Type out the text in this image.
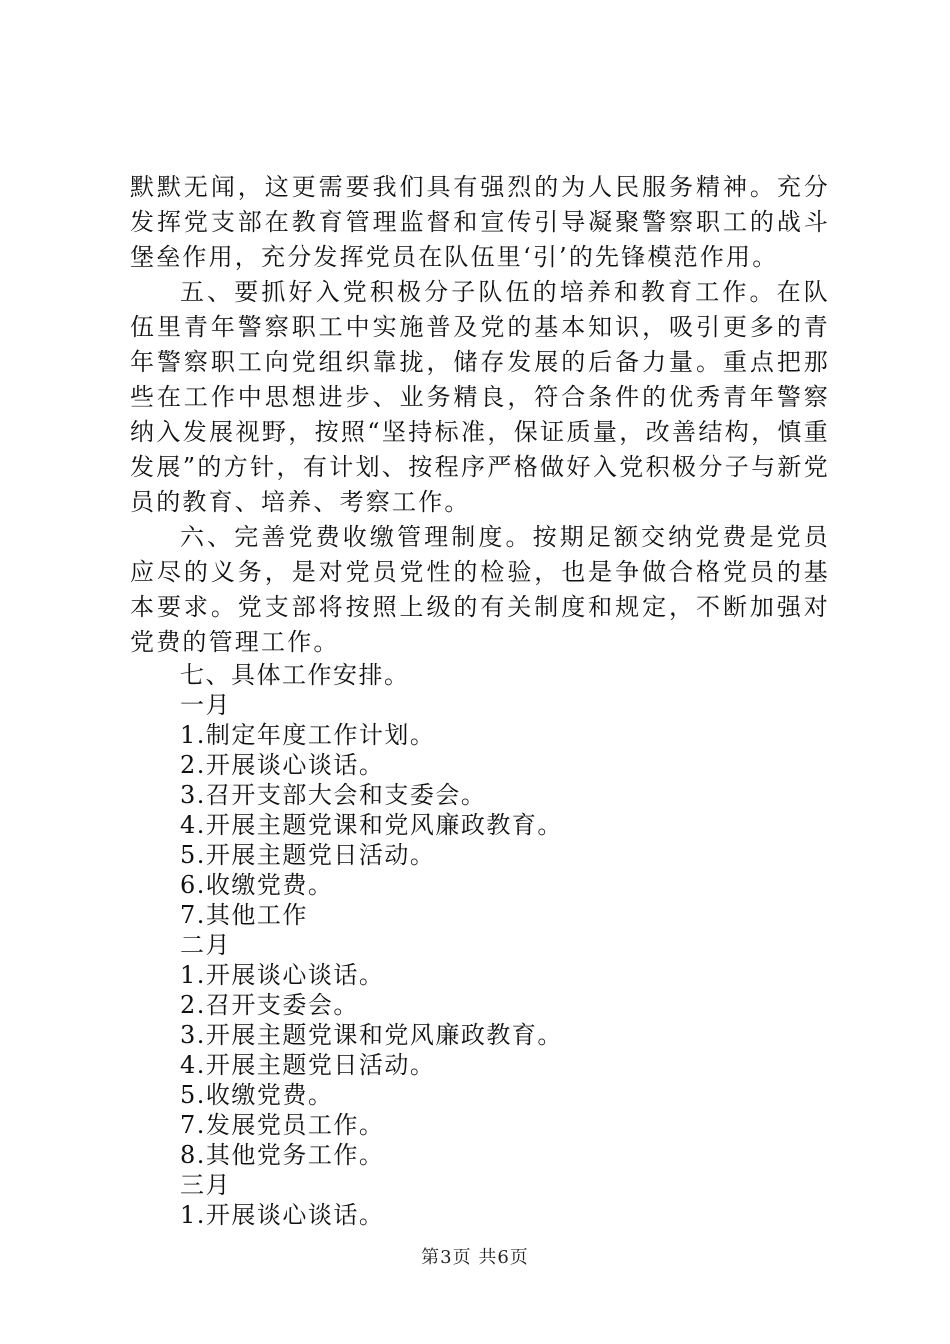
默默无闻，这更需要我们具有强烈的为人民服务精神。充分发挥党支部在教育管理监督和宣传引导凝聚警察职工的战斗堡垒作用，充分发挥党员在队伍里‘引’的先锋模范作用。

五、要抓好入党积极分子队伍的培养和教育工作。在队伍里青年警察职工中实施普及党的基本知识，吸引更多的青年警察职工向党组织靠拢，储存发展的后备力量。重点把那些在工作中思想进步、业务精良，符合条件的优秀青年警察纳入发展视野，按照“坚持标准，保证质量，改善结构，慎重发展”的方针，有计划、按程序严格做好入党积极分子与新党员的教育、培养、考察工作。

六、完善党费收缴管理制度。按期足额交纳党费是党员应尽的义务，是对党员党性的检验，也是争做合格党员的基本要求。党支部将按照上级的有关制度和规定，不断加强对党费的管理工作。

七、具体工作安排。

一月

1.制定年度工作计划。

2.开展谈心谈话。

3.召开支部大会和支委会。

4.开展主题党课和党风廉政教育。

5.开展主题党日活动。

6.收缴党费。

7.其他工作

二月

1.开展谈心谈话。

2.召开支委会。

3.开展主题党课和党风廉政教育。

4.开展主题党日活动。

5.收缴党费。

7.发展党员工作。

8.其他党务工作。

三月

1.开展谈心谈话。

第3页 共6页
